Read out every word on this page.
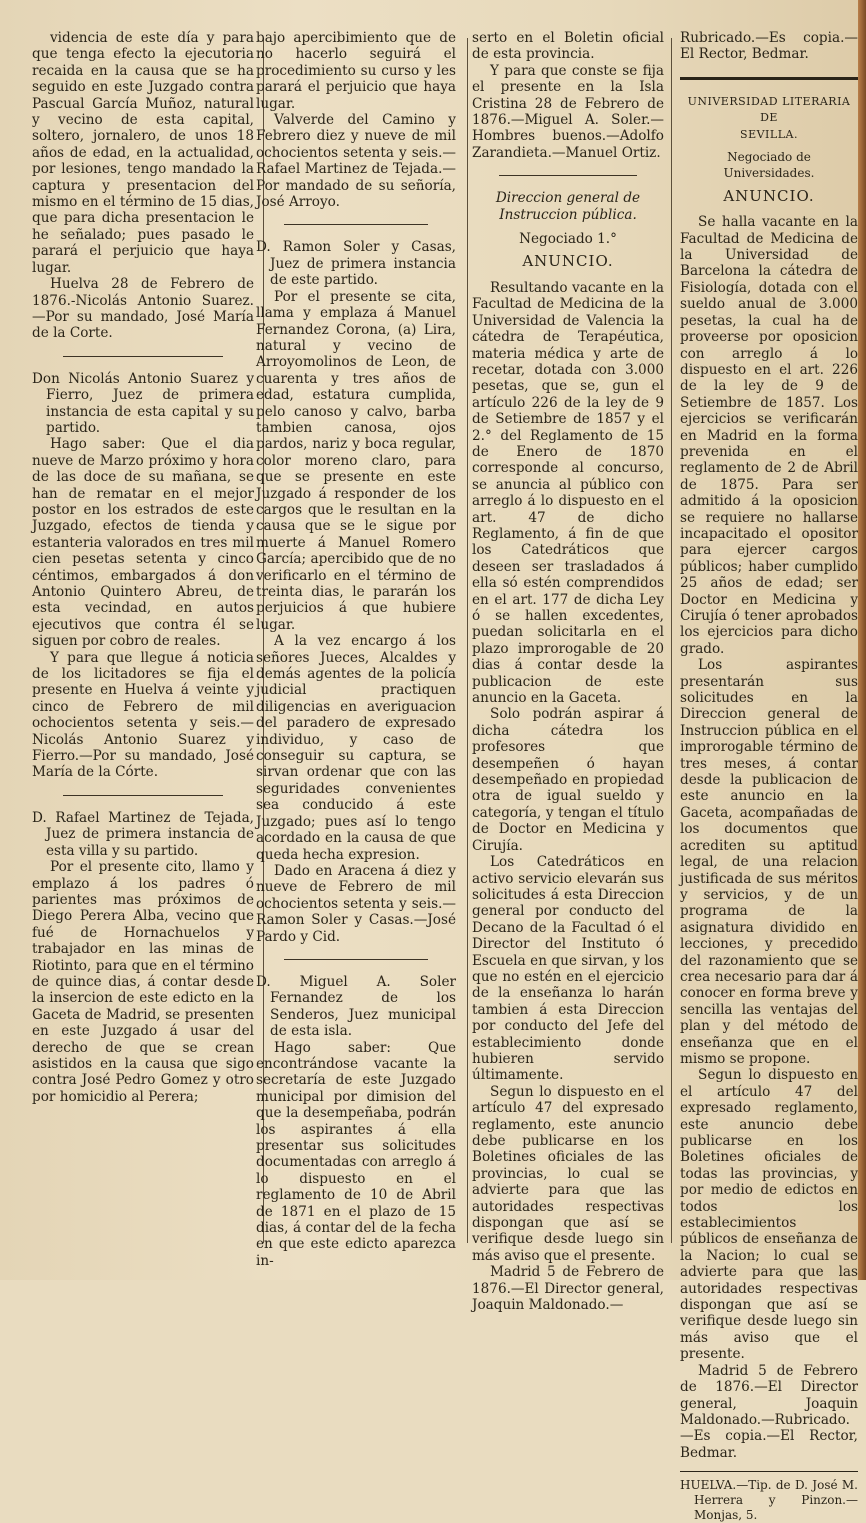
videncia de este día y para que tenga efecto la ejecutoria recaida en la causa que se ha seguido en este Juzgado contra Pascual García Muñoz, natural y vecino de esta capital, soltero, jornalero, de unos 18 años de edad, en la actualidad, por lesiones, tengo mandado la captura y presentacion del mismo en el término de 15 dias, que para dicha presentacion le he señalado; pues pasado le parará el perjuicio que haya lugar.

Huelva 28 de Febrero de 1876.-Nicolás Antonio Suarez.—Por su mandado, José María de la Corte.

Don Nicolás Antonio Suarez y Fierro, Juez de primera instancia de esta capital y su partido.

Hago saber: Que el dia nueve de Marzo próximo y hora de las doce de su mañana, se han de rematar en el mejor postor en los estrados de este Juzgado, efectos de tienda y estanteria valorados en tres mil cien pesetas setenta y cinco céntimos, embargados á don Antonio Quintero Abreu, de esta vecindad, en autos ejecutivos que contra él se siguen por cobro de reales.

Y para que llegue á noticia de los licitadores se fija el presente en Huelva á veinte y cinco de Febrero de mil ochocientos setenta y seis.—Nicolás Antonio Suarez y Fierro.—Por su mandado, José María de la Córte.

D. Rafael Martinez de Tejada, Juez de primera instancia de esta villa y su partido.

Por el presente cito, llamo y emplazo á los padres ó parientes mas próximos de Diego Perera Alba, vecino que fué de Hornachuelos y trabajador en las minas de Riotinto, para que en el término de quince dias, á contar desde la insercion de este edicto en la Gaceta de Madrid, se presenten en este Juzgado á usar del derecho de que se crean asistidos en la causa que sigo contra José Pedro Gomez y otro por homicidio al Perera;

bajo apercibimiento que de no hacerlo seguirá el procedimiento su curso y les parará el perjuicio que haya lugar.

Valverde del Camino y Febrero diez y nueve de mil ochocientos setenta y seis.—Rafael Martinez de Tejada.—Por mandado de su señoría, José Arroyo.

D. Ramon Soler y Casas, Juez de primera instancia de este partido.

Por el presente se cita, llama y emplaza á Manuel Fernandez Corona, (a) Lira, natural y vecino de Arroyomolinos de Leon, de cuarenta y tres años de edad, estatura cumplida, pelo canoso y calvo, barba tambien canosa, ojos pardos, nariz y boca regular, color moreno claro, para que se presente en este Juzgado á responder de los cargos que le resultan en la causa que se le sigue por muerte á Manuel Romero García; apercibido que de no verificarlo en el término de treinta dias, le pararán los perjuicios á que hubiere lugar.

A la vez encargo á los señores Jueces, Alcaldes y demás agentes de la policía judicial practiquen diligencias en averiguacion del paradero de expresado individuo, y caso de conseguir su captura, se sirvan ordenar que con las seguridades convenientes sea conducido á este Juzgado; pues así lo tengo acordado en la causa de que queda hecha expresion.

Dado en Aracena á diez y nueve de Febrero de mil ochocientos setenta y seis.—Ramon Soler y Casas.—José Pardo y Cid.

D. Miguel A. Soler Fernandez de los Senderos, Juez municipal de esta isla.

Hago saber: Que encontrándose vacante la secretaría de este Juzgado municipal por dimision del que la desempeñaba, podrán los aspirantes á ella presentar sus solicitudes documentadas con arreglo á lo dispuesto en el reglamento de 10 de Abril de 1871 en el plazo de 15 dias, á contar del de la fecha en que este edicto aparezca in-

serto en el Boletin oficial de esta provincia.

Y para que conste se fija el presente en la Isla Cristina 28 de Febrero de 1876.—Miguel A. Soler.—Hombres buenos.—Adolfo Zarandieta.—Manuel Ortiz.

Direccion general de Instruccion pública.

Negociado 1.°

ANUNCIO.

Resultando vacante en la Facultad de Medicina de la Universidad de Valencia la cátedra de Terapéutica, materia médica y arte de recetar, dotada con 3.000 pesetas, que se, gun el artículo 226 de la ley de 9 de Setiembre de 1857 y el 2.° del Reglamento de 15 de Enero de 1870 corresponde al concurso, se anuncia al público con arreglo á lo dispuesto en el art. 47 de dicho Reglamento, á fin de que los Catedráticos que deseen ser trasladados á ella só estén comprendidos en el art. 177 de dicha Ley ó se hallen excedentes, puedan solicitarla en el plazo improrogable de 20 dias á contar desde la publicacion de este anuncio en la Gaceta.

Solo podrán aspirar á dicha cátedra los profesores que desempeñen ó hayan desempeñado en propiedad otra de igual sueldo y categoría, y tengan el título de Doctor en Medicina y Cirujía.

Los Catedráticos en activo servicio elevarán sus solicitudes á esta Direccion general por conducto del Decano de la Facultad ó el Director del Instituto ó Escuela en que sirvan, y los que no estén en el ejercicio de la enseñanza lo harán tambien á esta Direccion por conducto del Jefe del establecimiento donde hubieren servido últimamente.

Segun lo dispuesto en el artículo 47 del expresado reglamento, este anuncio debe publicarse en los Boletines oficiales de las provincias, lo cual se advierte para que las autoridades respectivas dispongan que así se verifique desde luego sin más aviso que el presente.

Madrid 5 de Febrero de 1876.—El Director general, Joaquin Maldonado.—

Rubricado.—Es copia.—El Rector, Bedmar.

UNIVERSIDAD LITERARIA DE

SEVILLA.

Negociado de Universidades.

ANUNCIO.

Se halla vacante en la Facultad de Medicina de la Universidad de Barcelona la cátedra de Fisiología, dotada con el sueldo anual de 3.000 pesetas, la cual ha de proveerse por oposicion con arreglo á lo dispuesto en el art. 226 de la ley de 9 de Setiembre de 1857. Los ejercicios se verificarán en Madrid en la forma prevenida en el reglamento de 2 de Abril de 1875. Para ser admitido á la oposicion se requiere no hallarse incapacitado el opositor para ejercer cargos públicos; haber cumplido 25 años de edad; ser Doctor en Medicina y Cirujía ó tener aprobados los ejercicios para dicho grado.

Los aspirantes presentarán sus solicitudes en la Direccion general de Instruccion pública en el improrogable término de tres meses, á contar desde la publicacion de este anuncio en la Gaceta, acompañadas de los documentos que acrediten su aptitud legal, de una relacion justificada de sus méritos y servicios, y de un programa de la asignatura dividido en lecciones, y precedido del razonamiento que se crea necesario para dar á conocer en forma breve y sencilla las ventajas del plan y del método de enseñanza que en el mismo se propone.

Segun lo dispuesto en el artículo 47 del expresado reglamento, este anuncio debe publicarse en los Boletines oficiales de todas las provincias, y por medio de edictos en todos los establecimientos públicos de enseñanza de la Nacion; lo cual se advierte para que las autoridades respectivas dispongan que así se verifique desde luego sin más aviso que el presente.

Madrid 5 de Febrero de 1876.—El Director general, Joaquin Maldonado.—Rubricado.—Es copia.—El Rector, Bedmar.

HUELVA.—Tip. de D. José M. Herrera y Pinzon.—Monjas, 5.
